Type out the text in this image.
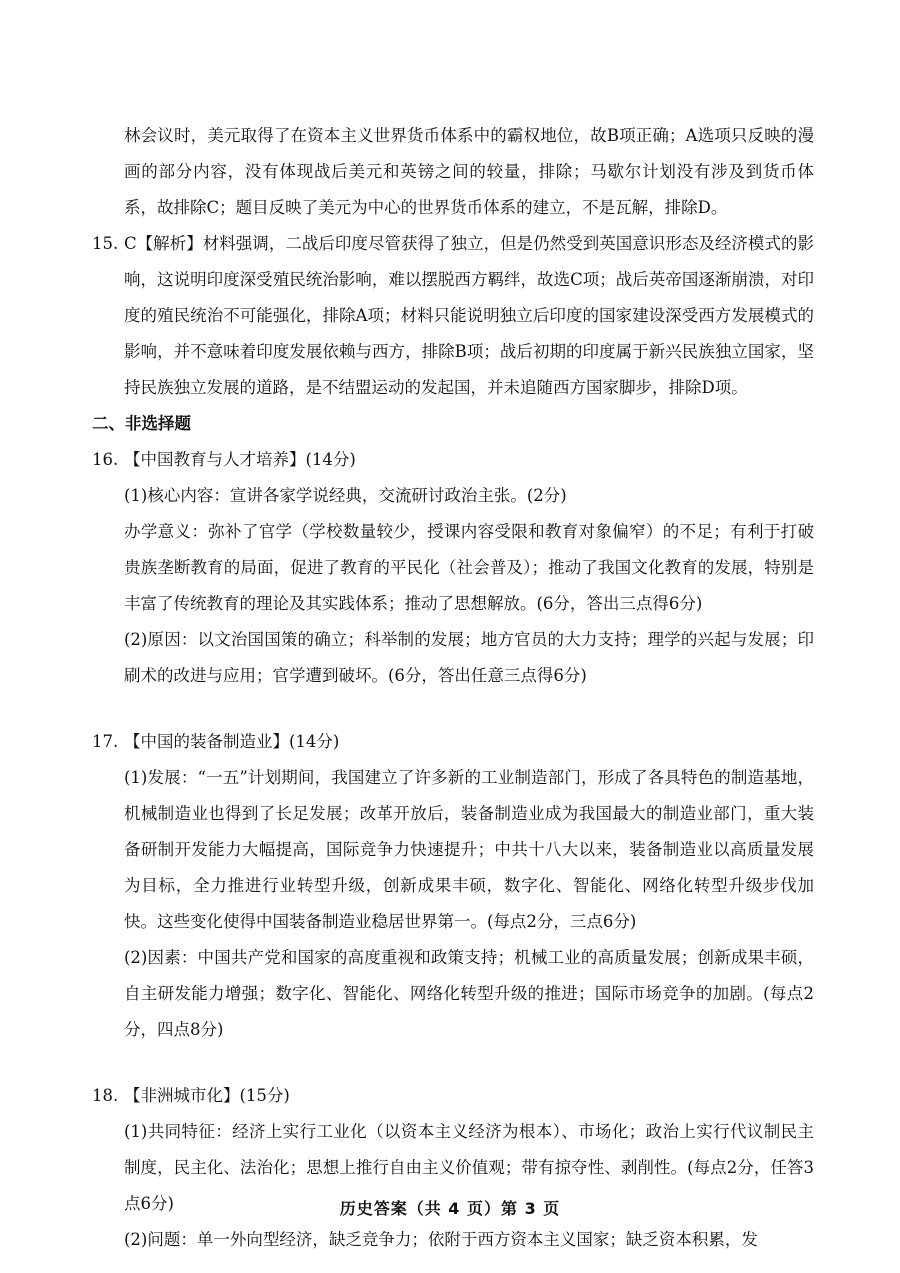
林会议时，美元取得了在资本主义世界货币体系中的霸权地位，故B项正确；A选项只反映的漫画的部分内容，没有体现战后美元和英镑之间的较量，排除；马歇尔计划没有涉及到货币体系，故排除C；题目反映了美元为中心的世界货币体系的建立，不是瓦解，排除D。

15. C【解析】材料强调，二战后印度尽管获得了独立，但是仍然受到英国意识形态及经济模式的影响，这说明印度深受殖民统治影响，难以摆脱西方羁绊，故选C项；战后英帝国逐渐崩溃，对印度的殖民统治不可能强化，排除A项；材料只能说明独立后印度的国家建设深受西方发展模式的影响，并不意味着印度发展依赖与西方，排除B项；战后初期的印度属于新兴民族独立国家，坚持民族独立发展的道路，是不结盟运动的发起国，并未追随西方国家脚步，排除D项。

二、非选择题

16. 【中国教育与人才培养】(14分)

(1)核心内容：宣讲各家学说经典，交流研讨政治主张。(2分)

办学意义：弥补了官学（学校数量较少，授课内容受限和教育对象偏窄）的不足；有利于打破贵族垄断教育的局面，促进了教育的平民化（社会普及）；推动了我国文化教育的发展，特别是丰富了传统教育的理论及其实践体系；推动了思想解放。(6分，答出三点得6分)

(2)原因：以文治国国策的确立；科举制的发展；地方官员的大力支持；理学的兴起与发展；印刷术的改进与应用；官学遭到破坏。(6分，答出任意三点得6分)

17. 【中国的装备制造业】(14分)

(1)发展：“一五”计划期间，我国建立了许多新的工业制造部门，形成了各具特色的制造基地，机械制造业也得到了长足发展；改革开放后，装备制造业成为我国最大的制造业部门，重大装备研制开发能力大幅提高，国际竞争力快速提升；中共十八大以来，装备制造业以高质量发展为目标，全力推进行业转型升级，创新成果丰硕，数字化、智能化、网络化转型升级步伐加快。这些变化使得中国装备制造业稳居世界第一。(每点2分，三点6分)

(2)因素：中国共产党和国家的高度重视和政策支持；机械工业的高质量发展；创新成果丰硕，自主研发能力增强；数字化、智能化、网络化转型升级的推进；国际市场竞争的加剧。(每点2分，四点8分)

18. 【非洲城市化】(15分)

(1)共同特征：经济上实行工业化（以资本主义经济为根本）、市场化；政治上实行代议制民主制度，民主化、法治化；思想上推行自由主义价值观；带有掠夺性、剥削性。(每点2分，任答3点6分)

(2)问题：单一外向型经济，缺乏竞争力；依附于西方资本主义国家；缺乏资本积累，发

历史答案（共 4 页）第 3 页
